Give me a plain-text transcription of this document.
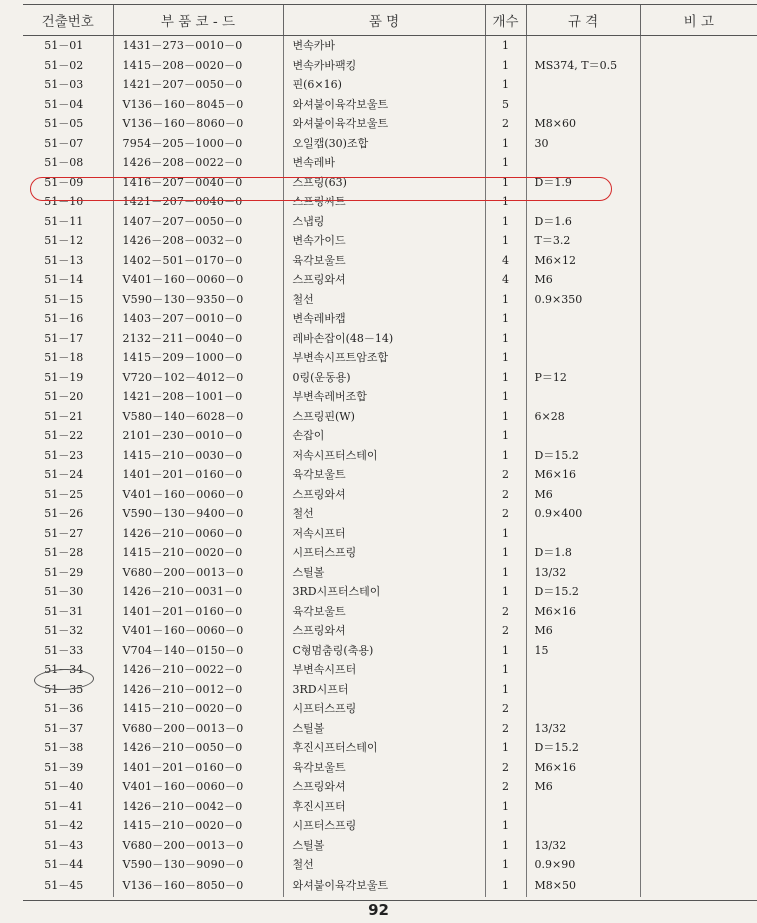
건출번호	부 품 코 - 드	품 명	개수	규 격	비 고
51－01	1431－273－0010－0	변속카바	1		
51－02	1415－208－0020－0	변속카바팩킹	1	MS374, T＝0.5	
51－03	1421－207－0050－0	핀(6×16)	1		
51－04	V136－160－8045－0	와셔붙이육각보울트	5		
51－05	V136－160－8060－0	와셔붙이육각보울트	2	M8×60	
51－07	7954－205－1000－0	오일캡(30)조합	1	30	
51－08	1426－208－0022－0	변속레바	1		
51－09	1416－207－0040－0	스프링(63)	1	D＝1.9	
51－10	1421－207－0040－0	스프링씨트	1		
51－11	1407－207－0050－0	스냅링	1	D＝1.6	
51－12	1426－208－0032－0	변속가이드	1	T＝3.2	
51－13	1402－501－0170－0	육각보울트	4	M6×12	
51－14	V401－160－0060－0	스프링와셔	4	M6	
51－15	V590－130－9350－0	철선	1	0.9×350	
51－16	1403－207－0010－0	변속레바캡	1		
51－17	2132－211－0040－0	레바손잡이(48－14)	1		
51－18	1415－209－1000－0	부변속시프트암조합	1		
51－19	V720－102－4012－0	0링(운동용)	1	P＝12	
51－20	1421－208－1001－0	부변속레버조합	1		
51－21	V580－140－6028－0	스프링핀(W)	1	6×28	
51－22	2101－230－0010－0	손잡이	1		
51－23	1415－210－0030－0	저속시프터스테이	1	D＝15.2	
51－24	1401－201－0160－0	육각보울트	2	M6×16	
51－25	V401－160－0060－0	스프링와셔	2	M6	
51－26	V590－130－9400－0	철선	2	0.9×400	
51－27	1426－210－0060－0	저속시프터	1		
51－28	1415－210－0020－0	시프터스프링	1	D＝1.8	
51－29	V680－200－0013－0	스틸볼	1	13/32	
51－30	1426－210－0031－0	3RD시프터스테이	1	D＝15.2	
51－31	1401－201－0160－0	육각보울트	2	M6×16	
51－32	V401－160－0060－0	스프링와셔	2	M6	
51－33	V704－140－0150－0	C형멈춤링(축용)	1	15	
51－34	1426－210－0022－0	부변속시프터	1		
51－35	1426－210－0012－0	3RD시프터	1		
51－36	1415－210－0020－0	시프터스프링	2		
51－37	V680－200－0013－0	스틸볼	2	13/32	
51－38	1426－210－0050－0	후진시프터스테이	1	D＝15.2	
51－39	1401－201－0160－0	육각보울트	2	M6×16	
51－40	V401－160－0060－0	스프링와셔	2	M6	
51－41	1426－210－0042－0	후진시프터	1		
51－42	1415－210－0020－0	시프터스프링	1		
51－43	V680－200－0013－0	스틸볼	1	13/32	
51－44	V590－130－9090－0	철선	1	0.9×90	
51－45	V136－160－8050－0	와셔붙이육각보울트	1	M8×50	
92
